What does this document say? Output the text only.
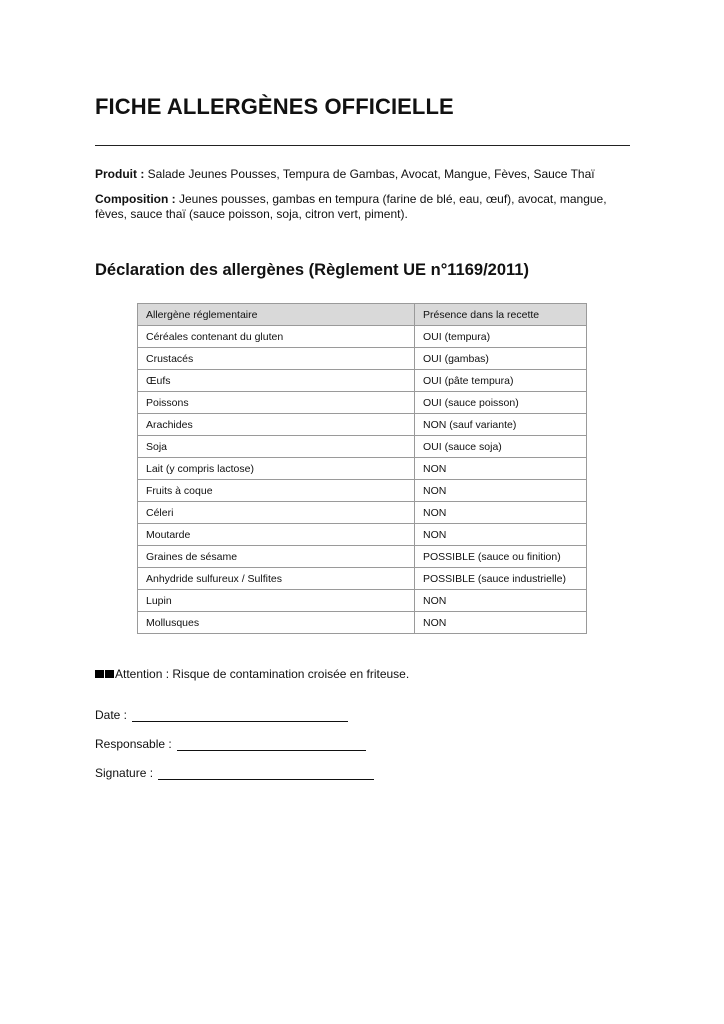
FICHE ALLERGÈNES OFFICIELLE

Produit : Salade Jeunes Pousses, Tempura de Gambas, Avocat, Mangue, Fèves, Sauce Thaï

Composition : Jeunes pousses, gambas en tempura (farine de blé, eau, œuf), avocat, mangue, fèves, sauce thaï (sauce poisson, soja, citron vert, piment).

Déclaration des allergènes (Règlement UE n°1169/2011)
Allergène réglementaire	Présence dans la recette
Céréales contenant du gluten	OUI (tempura)
Crustacés	OUI (gambas)
Œufs	OUI (pâte tempura)
Poissons	OUI (sauce poisson)
Arachides	NON (sauf variante)
Soja	OUI (sauce soja)
Lait (y compris lactose)	NON
Fruits à coque	NON
Céleri	NON
Moutarde	NON
Graines de sésame	POSSIBLE (sauce ou finition)
Anhydride sulfureux / Sulfites	POSSIBLE (sauce industrielle)
Lupin	NON
Mollusques	NON

Attention : Risque de contamination croisée en friteuse.

Date :

Responsable :

Signature :
